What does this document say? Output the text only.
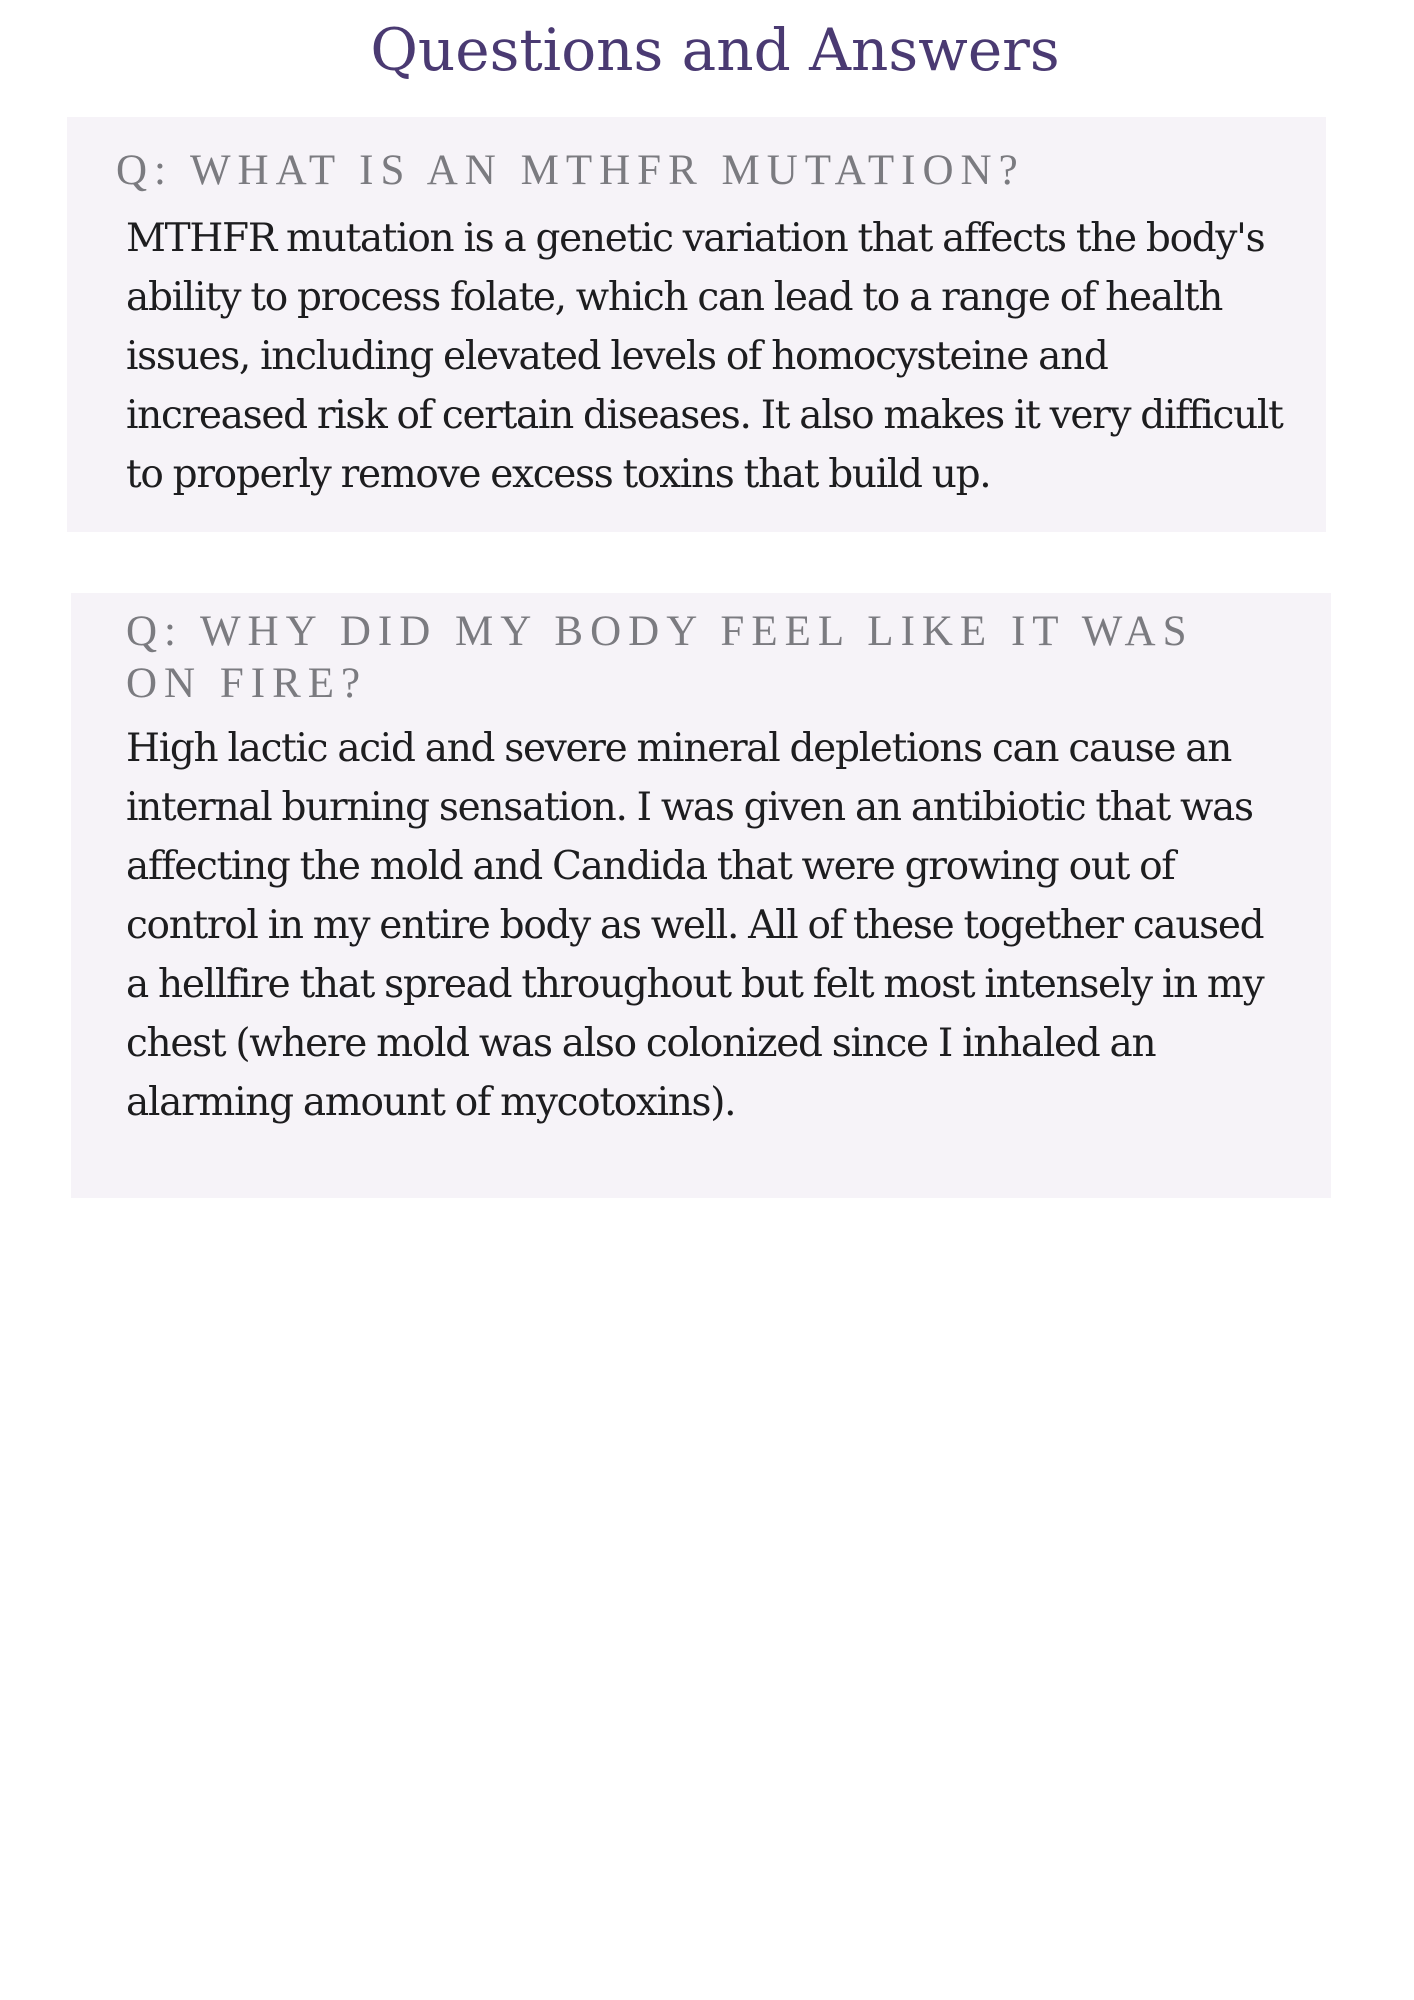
Questions and Answers
Q: WHAT IS AN MTHFR MUTATION?

MTHFR mutation is a genetic variation that affects the body's ability to process folate, which can lead to a range of health issues, including elevated levels of homocysteine and increased risk of certain diseases. It also makes it very difficult to properly remove excess toxins that build up.

Q: WHY DID MY BODY FEEL LIKE IT WAS ON FIRE?

High lactic acid and severe mineral depletions can cause an internal burning sensation. I was given an antibiotic that was affecting the mold and Candida that were growing out of control in my entire body as well. All of these together caused a hellfire that spread throughout but felt most intensely in my chest (where mold was also colonized since I inhaled an alarming amount of mycotoxins).
